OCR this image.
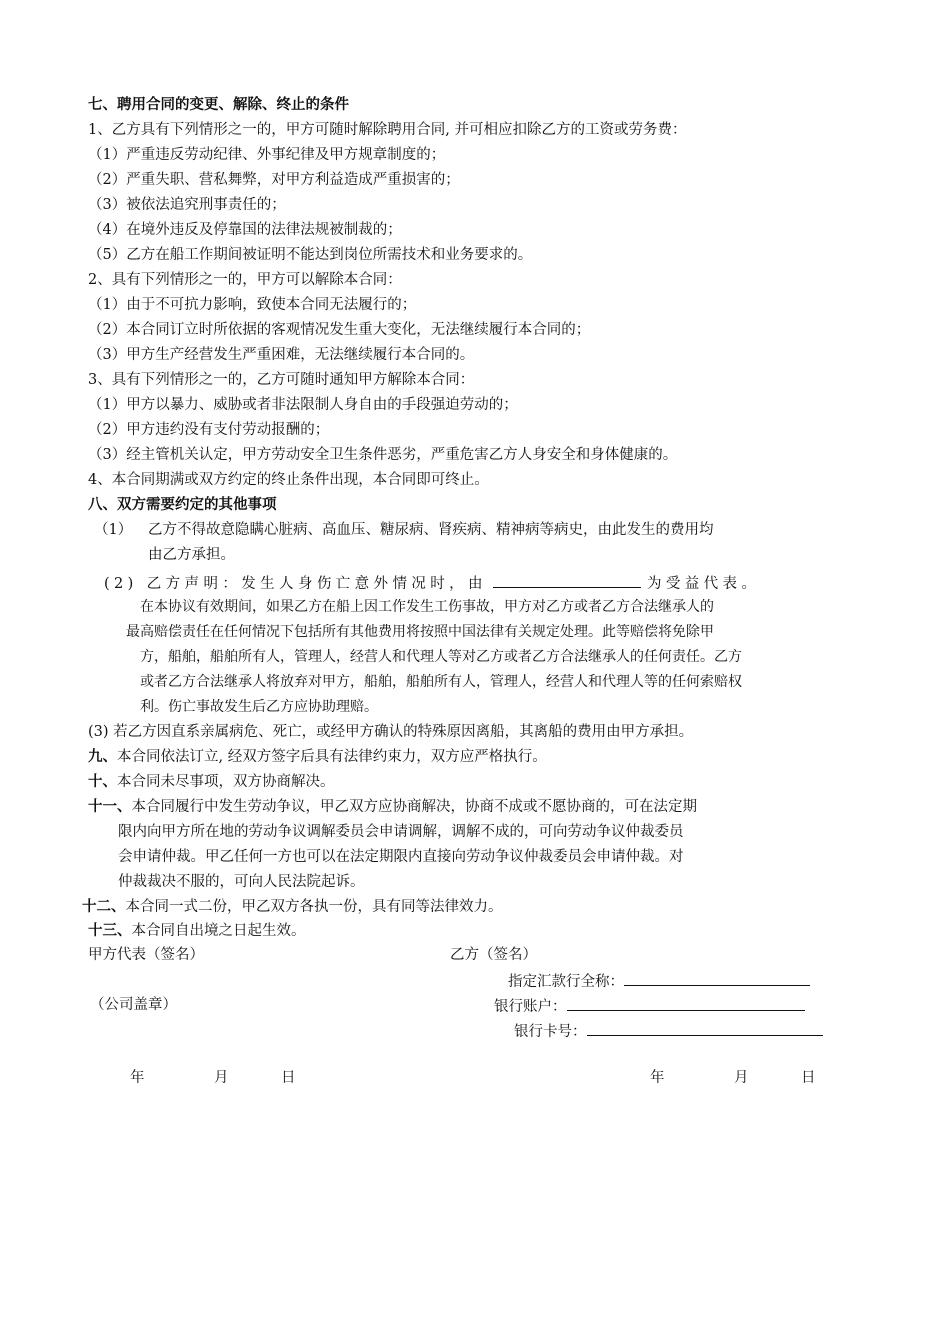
七、聘用合同的变更、解除、终止的条件
1、乙方具有下列情形之一的，甲方可随时解除聘用合同, 并可相应扣除乙方的工资或劳务费：
（1）严重违反劳动纪律、外事纪律及甲方规章制度的；
（2）严重失职、营私舞弊，对甲方利益造成严重损害的；
（3）被依法追究刑事责任的；
（4）在境外违反及停靠国的法律法规被制裁的；
（5）乙方在船工作期间被证明不能达到岗位所需技术和业务要求的。
2、具有下列情形之一的，甲方可以解除本合同：
（1）由于不可抗力影响，致使本合同无法履行的；
（2）本合同订立时所依据的客观情况发生重大变化，无法继续履行本合同的；
（3）甲方生产经营发生严重困难，无法继续履行本合同的。
3、具有下列情形之一的，乙方可随时通知甲方解除本合同：
（1）甲方以暴力、威胁或者非法限制人身自由的手段强迫劳动的；
（2）甲方违约没有支付劳动报酬的；
（3）经主管机关认定，甲方劳动安全卫生条件恶劣，严重危害乙方人身安全和身体健康的。
4、本合同期满或双方约定的终止条件出现，本合同即可终止。
八、双方需要约定的其他事项
（1） 乙方不得故意隐瞒心脏病、高血压、糖尿病、肾疾病、精神病等病史，由此发生的费用均
由乙方承担。
(2) 乙方声明：发生人身伤亡意外情况时，由	为受益代表。
在本协议有效期间，如果乙方在船上因工作发生工伤事故，甲方对乙方或者乙方合法继承人的
最高赔偿责任在任何情况下包括所有其他费用将按照中国法律有关规定处理。此等赔偿将免除甲
方，船舶，船舶所有人，管理人，经营人和代理人等对乙方或者乙方合法继承人的任何责任。乙方
或者乙方合法继承人将放弃对甲方，船舶，船舶所有人，管理人，经营人和代理人等的任何索赔权
利。伤亡事故发生后乙方应协助理赔。
(3) 若乙方因直系亲属病危、死亡，或经甲方确认的特殊原因离船，其离船的费用由甲方承担。
九、本合同依法订立, 经双方签字后具有法律约束力，双方应严格执行。
十、本合同未尽事项，双方协商解决。
十一、本合同履行中发生劳动争议，甲乙双方应协商解决，协商不成或不愿协商的，可在法定期
限内向甲方所在地的劳动争议调解委员会申请调解，调解不成的，可向劳动争议仲裁委员
会申请仲裁。甲乙任何一方也可以在法定期限内直接向劳动争议仲裁委员会申请仲裁。对
仲裁裁决不服的，可向人民法院起诉。
十二、本合同一式二份，甲乙双方各执一份，具有同等法律效力。
十三、本合同自出境之日起生效。
甲方代表（签名）	乙方（签名）
指定汇款行全称：
（公司盖章）	银行账户：
银行卡号：
年	月	日	年	月	日
